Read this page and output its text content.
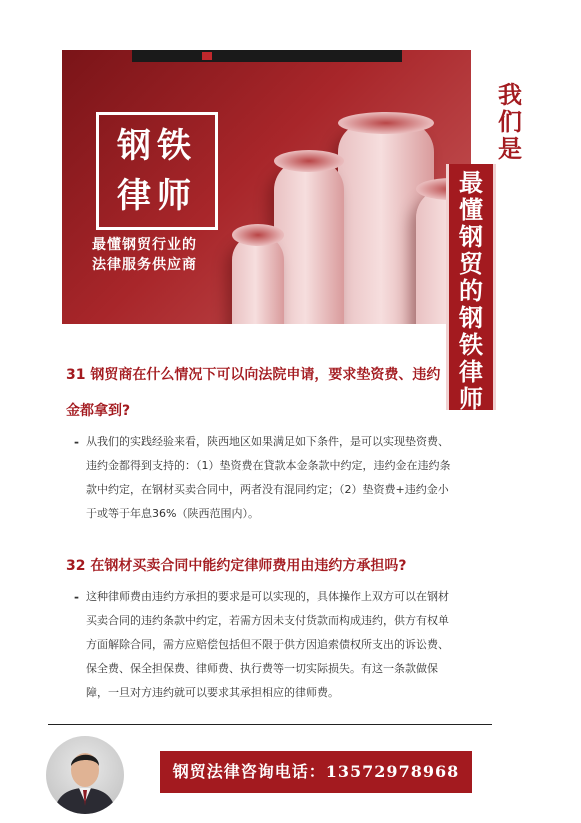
钢铁
律师
最懂钢贸行业的
法律服务供应商
我
们
是
最
懂
钢
贸
的
钢
铁
律
师
31 钢贸商在什么情况下可以向法院申请，要求垫资费、违约
金都拿到?
- 从我们的实践经验来看，陕西地区如果满足如下条件，是可以实现垫资费、
违约金都得到支持的：（1）垫资费在貸款本金条款中约定，违约金在违约条
款中约定，在钢材买卖合同中，两者没有混同约定；（2）垫资费+违约金小
于或等于年息36%（陕西范围内）。
32 在钢材买卖合同中能约定律师费用由违约方承担吗?
- 这种律师费由违约方承担的要求是可以实现的，具体操作上双方可以在钢材
买卖合同的违约条款中约定，若需方因未支付货款而构成违约，供方有权单
方面解除合同，需方应赔偿包括但不限于供方因追索债权所支出的诉讼费、
保全费、保全担保费、律师费、执行费等一切实际损失。有这一条款做保
障，一旦对方违约就可以要求其承担相应的律师费。
钢贸法律咨询电话：13572978968
